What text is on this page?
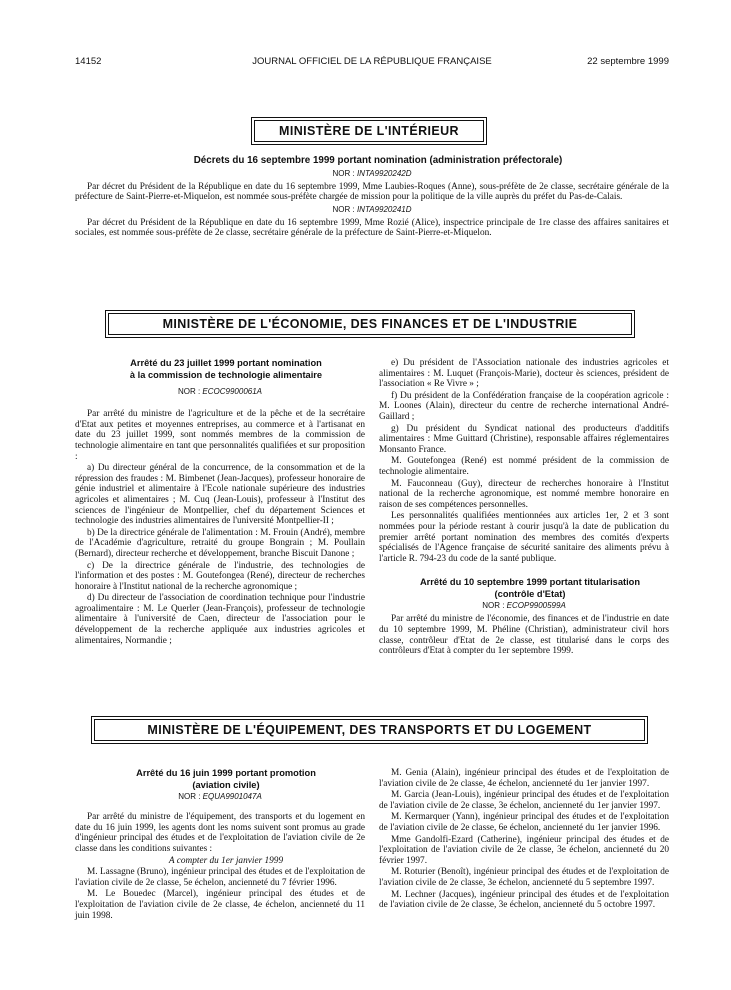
14152	JOURNAL OFFICIEL DE LA RÉPUBLIQUE FRANÇAISE	22 septembre 1999
MINISTÈRE DE L'INTÉRIEUR

Décrets du 16 septembre 1999 portant nomination (administration préfectorale)

NOR : INTA9920242D

Par décret du Président de la République en date du 16 septembre 1999, Mme Laubies-Roques (Anne), sous-préfète de 2e classe, secrétaire générale de la préfecture de Saint-Pierre-et-Miquelon, est nommée sous-préfète chargée de mission pour la politique de la ville auprès du préfet du Pas-de-Calais.

NOR : INTA9920241D

Par décret du Président de la République en date du 16 septembre 1999, Mme Rozié (Alice), inspectrice principale de 1re classe des affaires sanitaires et sociales, est nommée sous-préfète de 2e classe, secrétaire générale de la préfecture de Saint-Pierre-et-Miquelon.

MINISTÈRE DE L'ÉCONOMIE, DES FINANCES ET DE L'INDUSTRIE

Arrêté du 23 juillet 1999 portant nomination

à la commission de technologie alimentaire

NOR : ECOC9900061A

Par arrêté du ministre de l'agriculture et de la pêche et de la secrétaire d'Etat aux petites et moyennes entreprises, au commerce et à l'artisanat en date du 23 juillet 1999, sont nommés membres de la commission de technologie alimentaire en tant que personnalités qualifiées et sur proposition :

a) Du directeur général de la concurrence, de la consommation et de la répression des fraudes : M. Bimbenet (Jean-Jacques), professeur honoraire de génie industriel et alimentaire à l'Ecole nationale supérieure des industries agricoles et alimentaires ; M. Cuq (Jean-Louis), professeur à l'Institut des sciences de l'ingénieur de Montpellier, chef du département Sciences et technologie des industries alimentaires de l'université Montpellier-II ;

b) De la directrice générale de l'alimentation : M. Frouin (André), membre de l'Académie d'agriculture, retraité du groupe Bongrain ; M. Poullain (Bernard), directeur recherche et développement, branche Biscuit Danone ;

c) De la directrice générale de l'industrie, des technologies de l'information et des postes : M. Goutefongea (René), directeur de recherches honoraire à l'Institut national de la recherche agronomique ;

d) Du directeur de l'association de coordination technique pour l'industrie agroalimentaire : M. Le Querler (Jean-François), professeur de technologie alimentaire à l'université de Caen, directeur de l'association pour le développement de la recherche appliquée aux industries agricoles et alimentaires, Normandie ;

e) Du président de l'Association nationale des industries agricoles et alimentaires : M. Luquet (François-Marie), docteur ès sciences, président de l'association « Re Vivre » ;

f) Du président de la Confédération française de la coopération agricole : M. Loones (Alain), directeur du centre de recherche international André-Gaillard ;

g) Du président du Syndicat national des producteurs d'additifs alimentaires : Mme Guittard (Christine), responsable affaires réglementaires Monsanto France.

M. Goutefongea (René) est nommé président de la commission de technologie alimentaire.

M. Fauconneau (Guy), directeur de recherches honoraire à l'Institut national de la recherche agronomique, est nommé membre honoraire en raison de ses compétences personnelles.

Les personnalités qualifiées mentionnées aux articles 1er, 2 et 3 sont nommées pour la période restant à courir jusqu'à la date de publication du premier arrêté portant nomination des membres des comités d'experts spécialisés de l'Agence française de sécurité sanitaire des aliments prévu à l'article R. 794-23 du code de la santé publique.

Arrêté du 10 septembre 1999 portant titularisation

(contrôle d'Etat)

NOR : ECOP9900599A

Par arrêté du ministre de l'économie, des finances et de l'industrie en date du 10 septembre 1999, M. Phéline (Christian), administrateur civil hors classe, contrôleur d'Etat de 2e classe, est titularisé dans le corps des contrôleurs d'Etat à compter du 1er septembre 1999.

MINISTÈRE DE L'ÉQUIPEMENT, DES TRANSPORTS ET DU LOGEMENT

Arrêté du 16 juin 1999 portant promotion

(aviation civile)

NOR : EQUA9901047A

Par arrêté du ministre de l'équipement, des transports et du logement en date du 16 juin 1999, les agents dont les noms suivent sont promus au grade d'ingénieur principal des études et de l'exploitation de l'aviation civile de 2e classe dans les conditions suivantes :

A compter du 1er janvier 1999

M. Lassagne (Bruno), ingénieur principal des études et de l'exploitation de l'aviation civile de 2e classe, 5e échelon, ancienneté du 7 février 1996.

M. Le Bouedec (Marcel), ingénieur principal des études et de l'exploitation de l'aviation civile de 2e classe, 4e échelon, ancienneté du 11 juin 1998.

M. Genia (Alain), ingénieur principal des études et de l'exploitation de l'aviation civile de 2e classe, 4e échelon, ancienneté du 1er janvier 1997.

M. Garcia (Jean-Louis), ingénieur principal des études et de l'exploitation de l'aviation civile de 2e classe, 3e échelon, ancienneté du 1er janvier 1997.

M. Kermarquer (Yann), ingénieur principal des études et de l'exploitation de l'aviation civile de 2e classe, 6e échelon, ancienneté du 1er janvier 1996.

Mme Gandolfi-Ezard (Catherine), ingénieur principal des études et de l'exploitation de l'aviation civile de 2e classe, 3e échelon, ancienneté du 20 février 1997.

M. Roturier (Benoît), ingénieur principal des études et de l'exploitation de l'aviation civile de 2e classe, 3e échelon, ancienneté du 5 septembre 1997.

M. Lechner (Jacques), ingénieur principal des études et de l'exploitation de l'aviation civile de 2e classe, 3e échelon, ancienneté du 5 octobre 1997.
